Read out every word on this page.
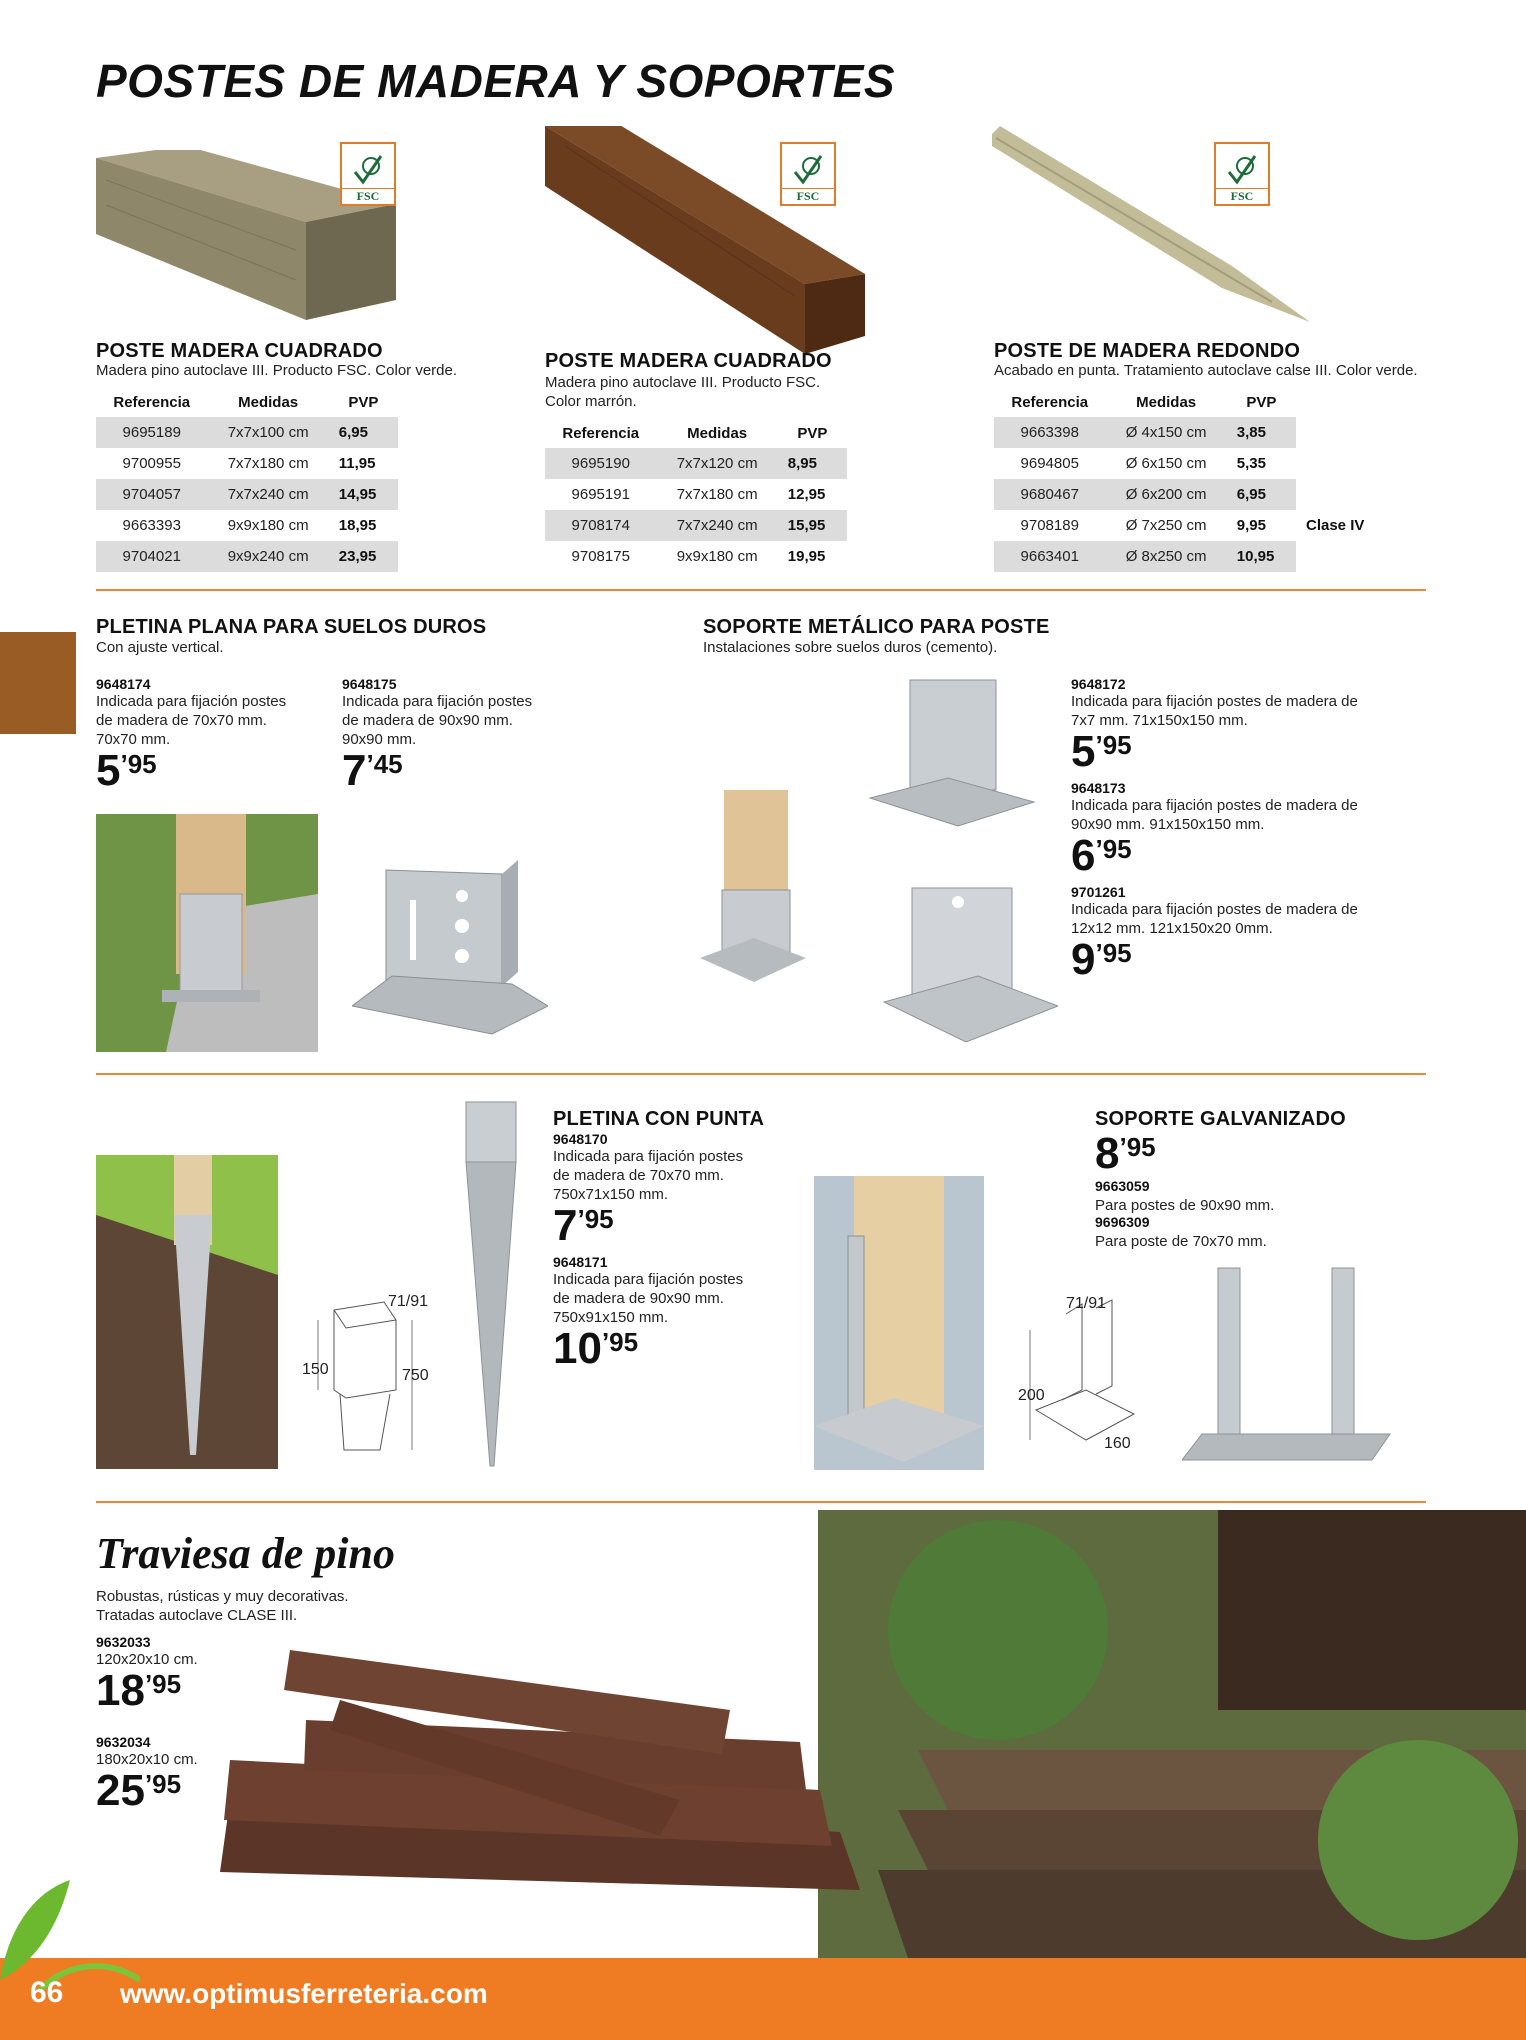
POSTES DE MADERA Y SOPORTES
FSC
POSTE MADERA CUADRADO
Madera pino autoclave III. Producto FSC. Color verde.
Referencia	Medidas	PVP
9695189	7x7x100 cm	6,95
9700955	7x7x180 cm	11,95
9704057	7x7x240 cm	14,95
9663393	9x9x180 cm	18,95
9704021	9x9x240 cm	23,95
FSC
POSTE MADERA CUADRADO
Madera pino autoclave III. Producto FSC.
Color marrón.
Referencia	Medidas	PVP
9695190	7x7x120 cm	8,95
9695191	7x7x180 cm	12,95
9708174	7x7x240 cm	15,95
9708175	9x9x180 cm	19,95
FSC
POSTE DE MADERA REDONDO
Acabado en punta. Tratamiento autoclave calse III. Color verde.
Referencia	Medidas	PVP	
9663398	Ø 4x150 cm	3,85	
9694805	Ø 6x150 cm	5,35	
9680467	Ø 6x200 cm	6,95	
9708189	Ø 7x250 cm	9,95	Clase IV
9663401	Ø 8x250 cm	10,95	
PLETINA PLANA PARA SUELOS DUROS
Con ajuste vertical.
9648174
Indicada para fijación postes
de madera de 70x70 mm.
70x70 mm.
5’95
9648175
Indicada para fijación postes
de madera de 90x90 mm.
90x90 mm.
7’45
SOPORTE METÁLICO PARA POSTE
Instalaciones sobre suelos duros (cemento).
9648172
Indicada para fijación postes de madera de
7x7 mm. 71x150x150 mm.
5’95
9648173
Indicada para fijación postes de madera de
90x90 mm. 91x150x150 mm.
6’95
9701261
Indicada para fijación postes de madera de
12x12 mm. 121x150x20 0mm.
9’95
71/91
150	750
PLETINA CON PUNTA
9648170
Indicada para fijación postes
de madera de 70x70 mm.
750x71x150 mm.
7’95
9648171
Indicada para fijación postes
de madera de 90x90 mm.
750x91x150 mm.
10’95
71/91
200
160
SOPORTE GALVANIZADO
8’95
9663059
Para postes de 90x90 mm.
9696309
Para poste de 70x70 mm.
Traviesa de pino
Robustas, rústicas y muy decorativas.
Tratadas autoclave CLASE III.
9632033
120x20x10 cm.
18’95
9632034
180x20x10 cm.
25’95
66 www.optimusferreteria.com
